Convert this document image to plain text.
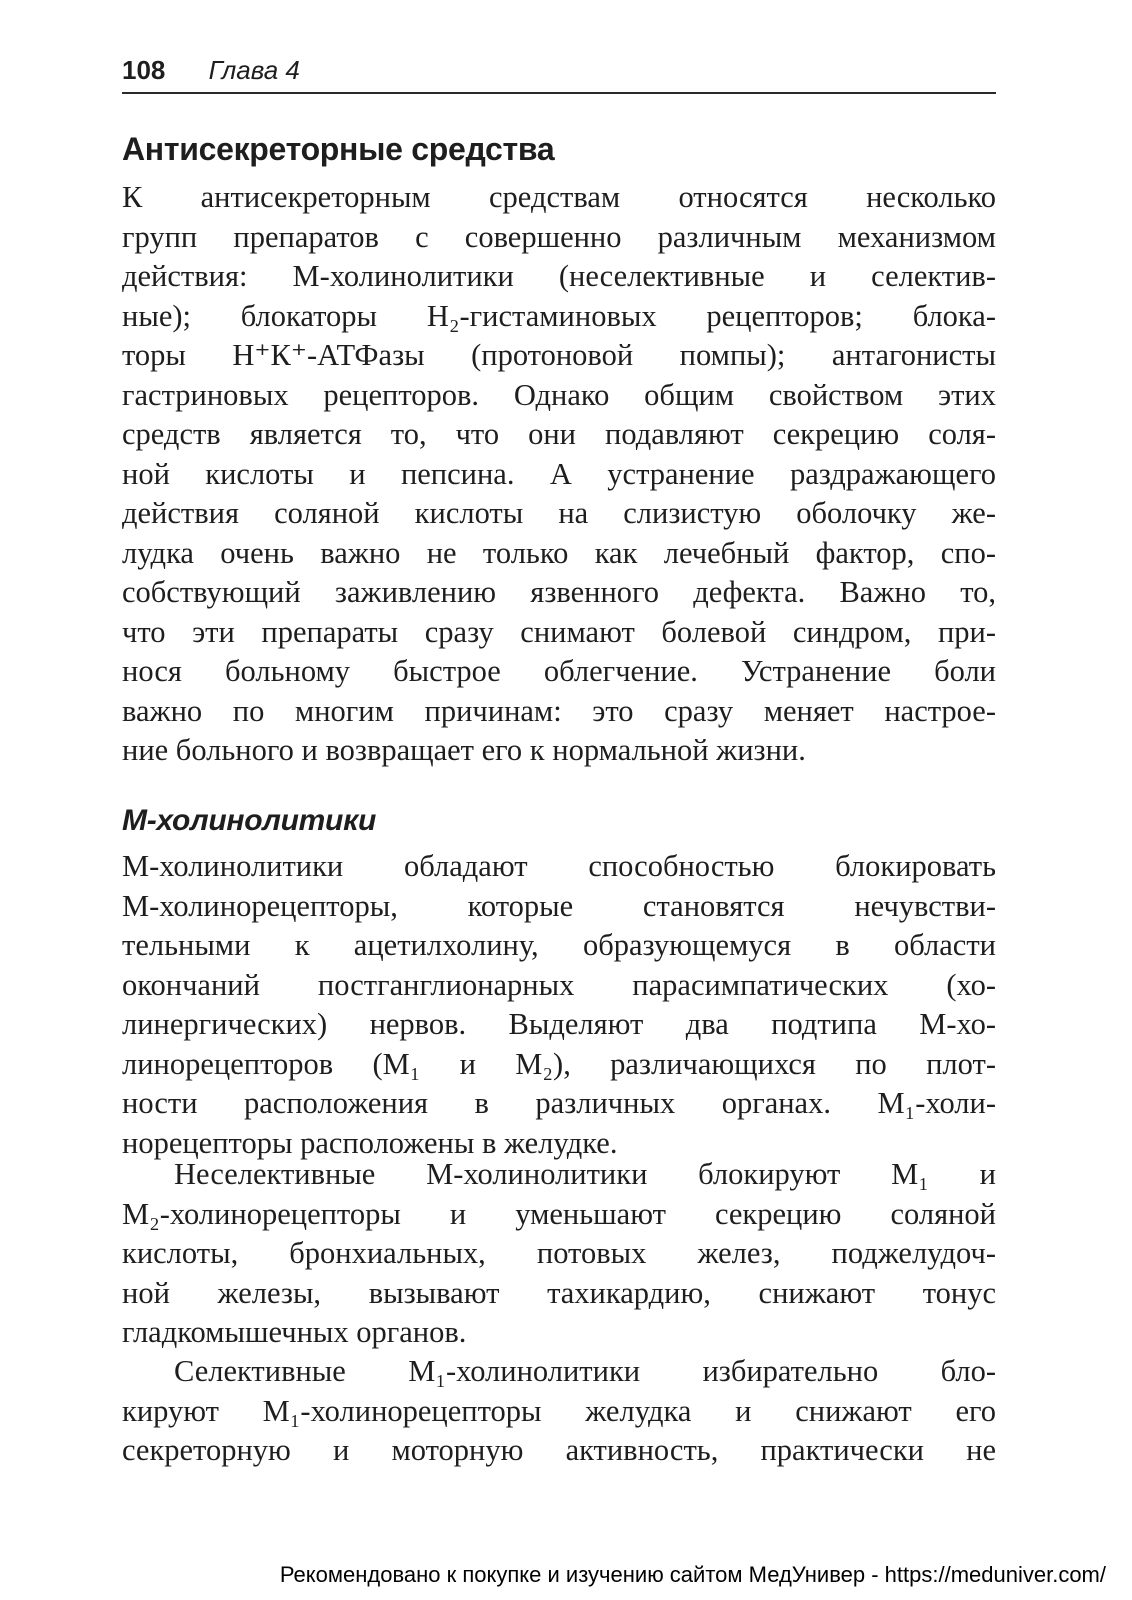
108 Глава 4
Антисекреторные средства
К антисекреторным средствам относятся несколько
групп препаратов с совершенно различным механизмом
действия: М-холинолитики (неселективные и селектив-
ные); блокаторы Н₂-гистаминовых рецепторов; блока-
торы Н⁺К⁺-АТФазы (протоновой помпы); антагонисты
гастриновых рецепторов. Однако общим свойством этих
средств является то, что они подавляют секрецию соля-
ной кислоты и пепсина. А устранение раздражающего
действия соляной кислоты на слизистую оболочку же-
лудка очень важно не только как лечебный фактор, спо-
собствующий заживлению язвенного дефекта. Важно то,
что эти препараты сразу снимают болевой синдром, при-
нося больному быстрое облегчение. Устранение боли
важно по многим причинам: это сразу меняет настрое-
ние больного и возвращает его к нормальной жизни.
М-холинолитики
М-холинолитики обладают способностью блокировать
М-холинорецепторы, которые становятся нечувстви-
тельными к ацетилхолину, образующемуся в области
окончаний постганглионарных парасимпатических (хо-
линергических) нервов. Выделяют два подтипа М-хо-
линорецепторов (М₁ и М₂), различающихся по плот-
ности расположения в различных органах. М₁-холи-
норецепторы расположены в желудке.
Неселективные М-холинолитики блокируют М₁ и
М₂-холинорецепторы и уменьшают секрецию соляной
кислоты, бронхиальных, потовых желез, поджелудоч-
ной железы, вызывают тахикардию, снижают тонус
гладкомышечных органов.
Селективные М₁-холинолитики избирательно бло-
кируют М₁-холинорецепторы желудка и снижают его
секреторную и моторную активность, практически не
Рекомендовано к покупке и изучению сайтом МедУнивер - https://meduniver.com/
